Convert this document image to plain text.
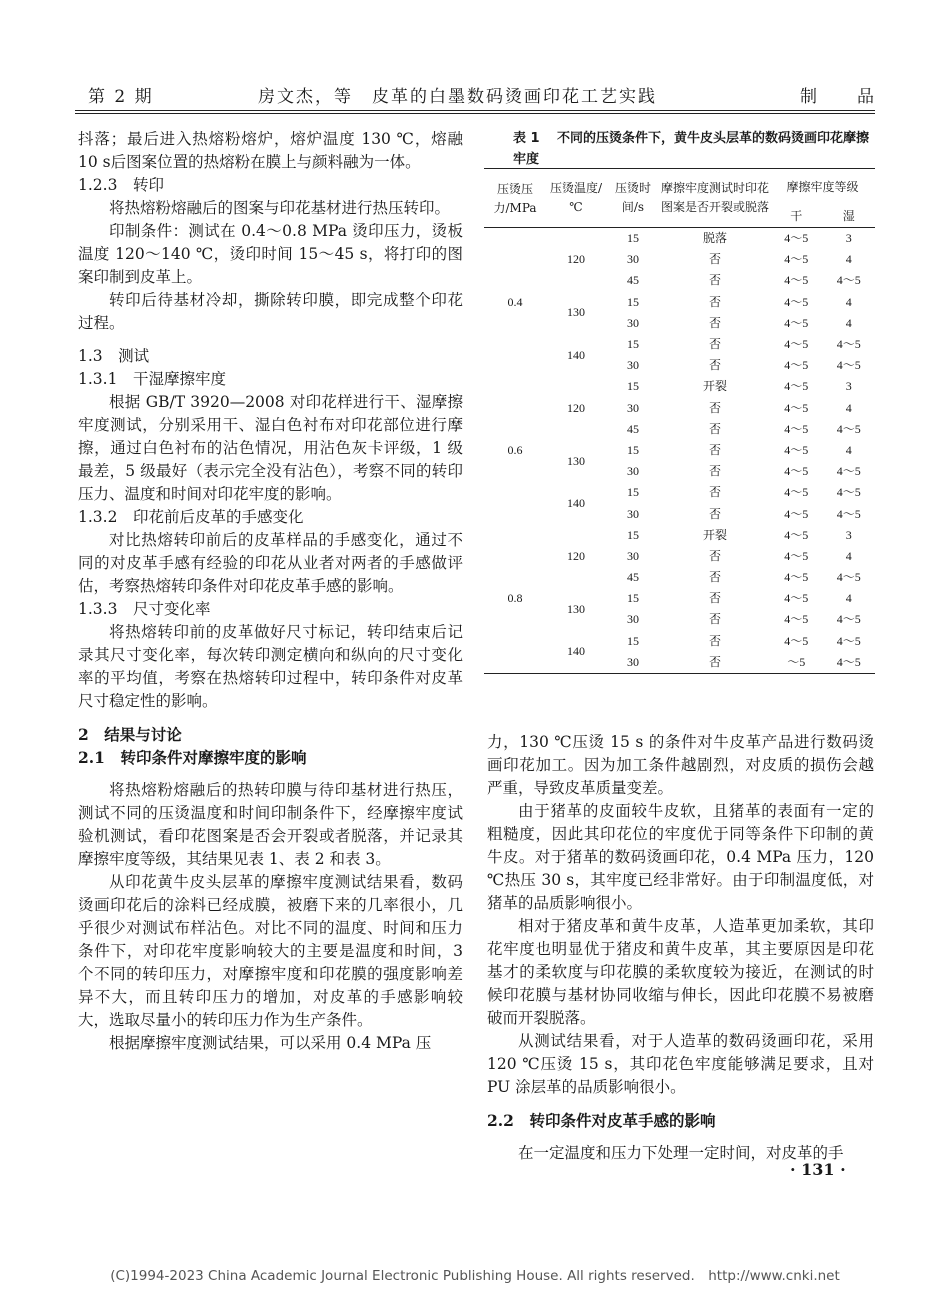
第 2 期	房文杰，等　皮革的白墨数码烫画印花工艺实践	制　　品

抖落；最后进入热熔粉熔炉，熔炉温度 130 ℃，熔融 10 s后图案位置的热熔粉在膜上与颜料融为一体。

1.2.3　转印

将热熔粉熔融后的图案与印花基材进行热压转印。

印制条件：测试在 0.4～0.8 MPa 烫印压力，烫板温度 120～140 ℃，烫印时间 15～45 s，将打印的图案印制到皮革上。

转印后待基材冷却，撕除转印膜，即完成整个印花过程。

1.3　测试

1.3.1　干湿摩擦牢度

根据 GB/T 3920—2008 对印花样进行干、湿摩擦牢度测试，分别采用干、湿白色衬布对印花部位进行摩擦，通过白色衬布的沾色情况，用沾色灰卡评级，1 级最差，5 级最好（表示完全没有沾色），考察不同的转印压力、温度和时间对印花牢度的影响。

1.3.2　印花前后皮革的手感变化

对比热熔转印前后的皮革样品的手感变化，通过不同的对皮革手感有经验的印花从业者对两者的手感做评估，考察热熔转印条件对印花皮革手感的影响。

1.3.3　尺寸变化率

将热熔转印前的皮革做好尺寸标记，转印结束后记录其尺寸变化率，每次转印测定横向和纵向的尺寸变化率的平均值，考察在热熔转印过程中，转印条件对皮革尺寸稳定性的影响。

2　结果与讨论

2.1　转印条件对摩擦牢度的影响

将热熔粉熔融后的热转印膜与待印基材进行热压，测试不同的压烫温度和时间印制条件下，经摩擦牢度试验机测试，看印花图案是否会开裂或者脱落，并记录其摩擦牢度等级，其结果见表 1、表 2 和表 3。

从印花黄牛皮头层革的摩擦牢度测试结果看，数码烫画印花后的涂料已经成膜，被磨下来的几率很小，几乎很少对测试布样沾色。对比不同的温度、时间和压力条件下，对印花牢度影响较大的主要是温度和时间，3 个不同的转印压力，对摩擦牢度和印花膜的强度影响差异不大，而且转印压力的增加，对皮革的手感影响较大，选取尽量小的转印压力作为生产条件。

根据摩擦牢度测试结果，可以采用 0.4 MPa 压

表 1 不同的压烫条件下，黄牛皮头层革的数码烫画印花摩擦牢度
压烫压力/MPa	压烫温度/℃	压烫时间/s	摩擦牢度测试时印花图案是否开裂或脱落	摩擦牢度等级	
				干	湿
0.4	120	15	脱落	4～5	3
		30	否	4～5	4
		45	否	4～5	4～5
	130	15	否	4～5	4
		30	否	4～5	4
	140	15	否	4～5	4～5
		30	否	4～5	4～5
0.6	120	15	开裂	4～5	3
		30	否	4～5	4
		45	否	4～5	4～5
	130	15	否	4～5	4
		30	否	4～5	4～5
	140	15	否	4～5	4～5
		30	否	4～5	4～5
0.8	120	15	开裂	4～5	3
		30	否	4～5	4
		45	否	4～5	4～5
	130	15	否	4～5	4
		30	否	4～5	4～5
	140	15	否	4～5	4～5
		30	否	～5	4～5

力，130 ℃压烫 15 s 的条件对牛皮革产品进行数码烫画印花加工。因为加工条件越剧烈，对皮质的损伤会越严重，导致皮革质量变差。

由于猪革的皮面较牛皮软，且猪革的表面有一定的粗糙度，因此其印花位的牢度优于同等条件下印制的黄牛皮。对于猪革的数码烫画印花，0.4 MPa 压力，120 ℃热压 30 s，其牢度已经非常好。由于印制温度低，对猪革的品质影响很小。

相对于猪皮革和黄牛皮革，人造革更加柔软，其印花牢度也明显优于猪皮和黄牛皮革，其主要原因是印花基才的柔软度与印花膜的柔软度较为接近，在测试的时候印花膜与基材协同收缩与伸长，因此印花膜不易被磨破而开裂脱落。

从测试结果看，对于人造革的数码烫画印花，采用 120 ℃压烫 15 s，其印花色牢度能够满足要求，且对 PU 涂层革的品质影响很小。

2.2　转印条件对皮革手感的影响

在一定温度和压力下处理一定时间，对皮革的手

· 131 ·
(C)1994-2023 China Academic Journal Electronic Publishing House. All rights reserved.　http://www.cnki.net
